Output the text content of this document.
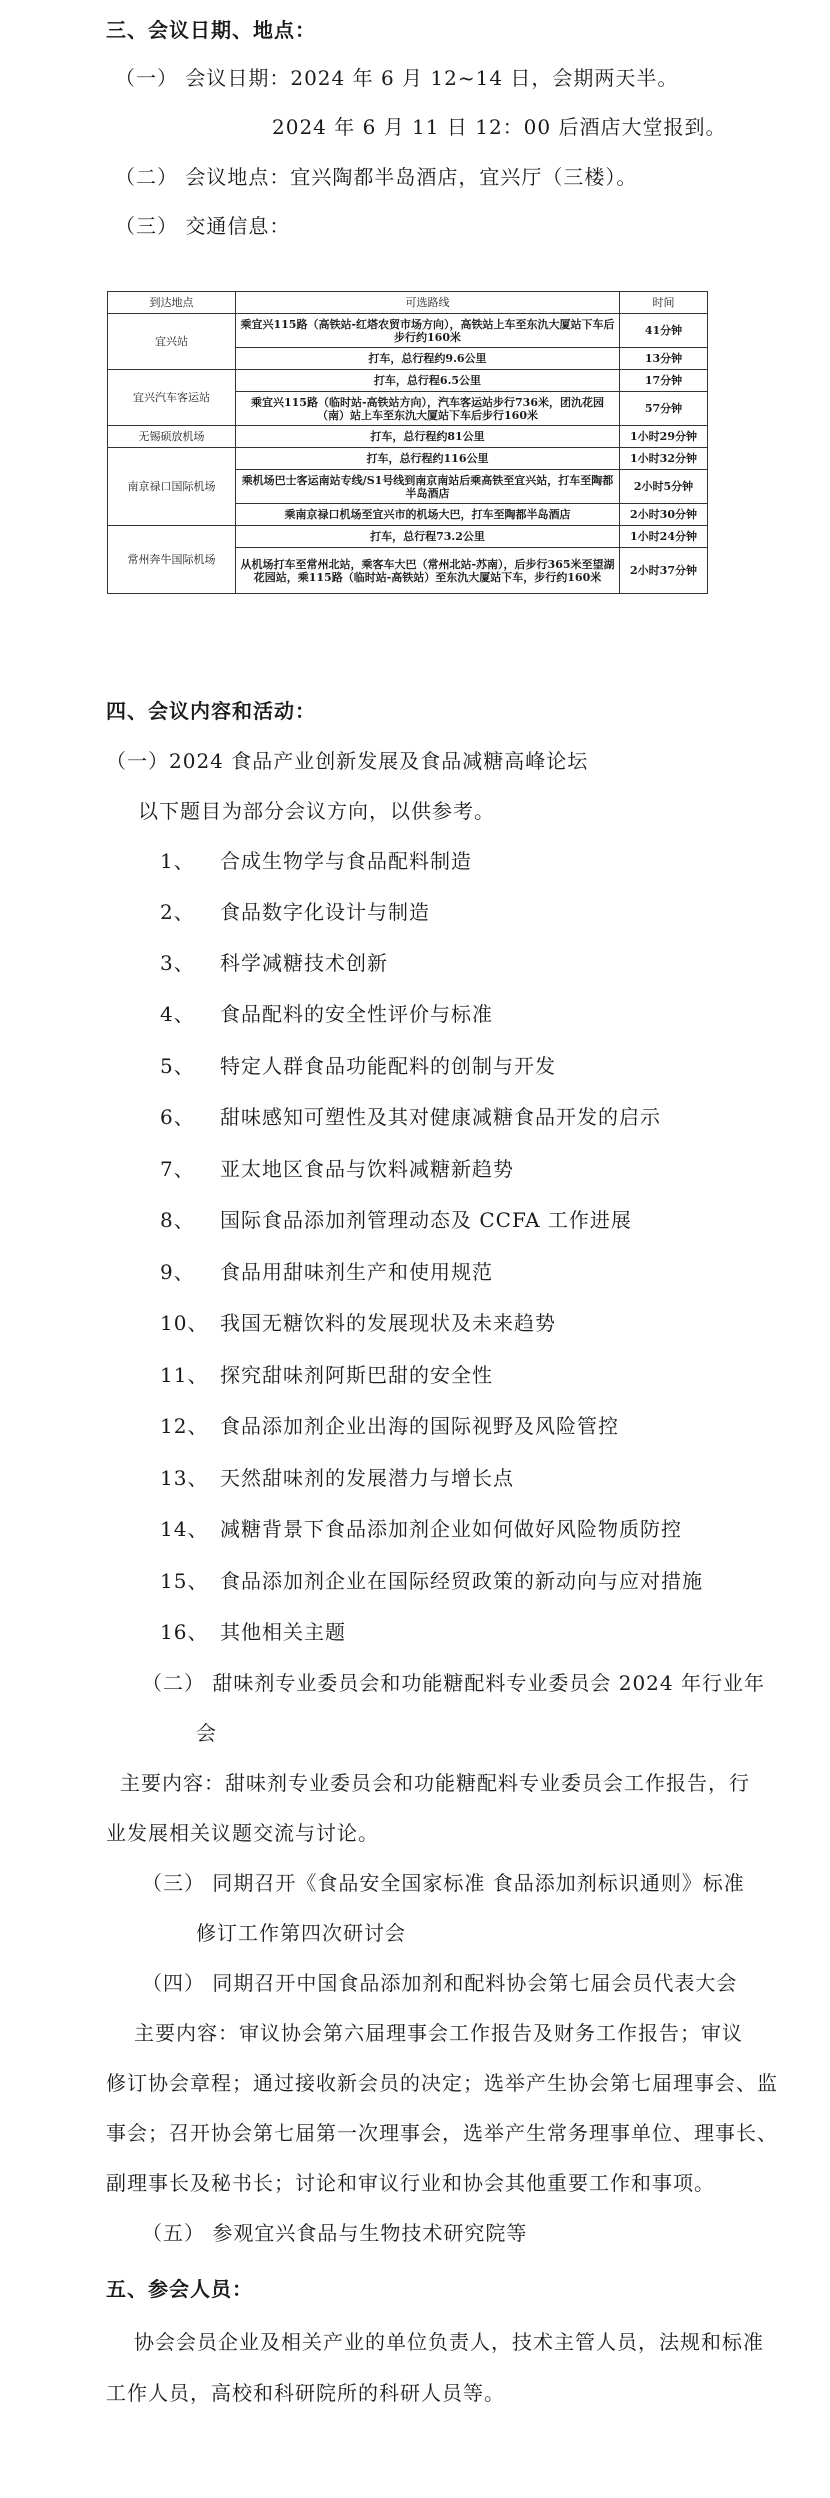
三、会议日期、地点：
（一） 会议日期：2024 年 6 月 12~14 日，会期两天半。
2024 年 6 月 11 日 12：00 后酒店大堂报到。
（二） 会议地点：宜兴陶都半岛酒店，宜兴厅（三楼）。
（三） 交通信息：
到达地点	可选路线	时间
宜兴站	乘宜兴115路（高铁站-红塔农贸市场方向），高铁站上车至东氿大厦站下车后步行约160米	41分钟
	打车，总行程约9.6公里	13分钟
宜兴汽车客运站	打车，总行程6.5公里	17分钟
	乘宜兴115路（临时站-高铁站方向），汽车客运站步行736米，团氿花园（南）站上车至东氿大厦站下车后步行160米	57分钟
无锡硕放机场	打车，总行程约81公里	1小时29分钟
南京禄口国际机场	打车，总行程约116公里	1小时32分钟
	乘机场巴士客运南站专线/S1号线到南京南站后乘高铁至宜兴站，打车至陶都半岛酒店	2小时5分钟
	乘南京禄口机场至宜兴市的机场大巴，打车至陶都半岛酒店	2小时30分钟
常州奔牛国际机场	打车，总行程73.2公里	1小时24分钟
	从机场打车至常州北站，乘客车大巴（常州北站-苏南），后步行365米至望湖花园站，乘115路（临时站-高铁站）至东氿大厦站下车，步行约160米	2小时37分钟
四、会议内容和活动：
（一）2024 食品产业创新发展及食品减糖高峰论坛
以下题目为部分会议方向，以供参考。
1、 合成生物学与食品配料制造
2、 食品数字化设计与制造
3、 科学减糖技术创新
4、 食品配料的安全性评价与标准
5、 特定人群食品功能配料的创制与开发
6、 甜味感知可塑性及其对健康减糖食品开发的启示
7、 亚太地区食品与饮料减糖新趋势
8、 国际食品添加剂管理动态及 CCFA 工作进展
9、 食品用甜味剂生产和使用规范
10、 我国无糖饮料的发展现状及未来趋势
11、 探究甜味剂阿斯巴甜的安全性
12、 食品添加剂企业出海的国际视野及风险管控
13、 天然甜味剂的发展潜力与增长点
14、 减糖背景下食品添加剂企业如何做好风险物质防控
15、 食品添加剂企业在国际经贸政策的新动向与应对措施
16、 其他相关主题
（二） 甜味剂专业委员会和功能糖配料专业委员会 2024 年行业年
会
主要内容：甜味剂专业委员会和功能糖配料专业委员会工作报告，行
业发展相关议题交流与讨论。
（三） 同期召开《食品安全国家标准 食品添加剂标识通则》标准
修订工作第四次研讨会
（四） 同期召开中国食品添加剂和配料协会第七届会员代表大会
主要内容：审议协会第六届理事会工作报告及财务工作报告；审议
修订协会章程；通过接收新会员的决定；选举产生协会第七届理事会、监
事会；召开协会第七届第一次理事会，选举产生常务理事单位、理事长、
副理事长及秘书长；讨论和审议行业和协会其他重要工作和事项。
（五） 参观宜兴食品与生物技术研究院等
五、参会人员：
协会会员企业及相关产业的单位负责人，技术主管人员，法规和标准
工作人员，高校和科研院所的科研人员等。
